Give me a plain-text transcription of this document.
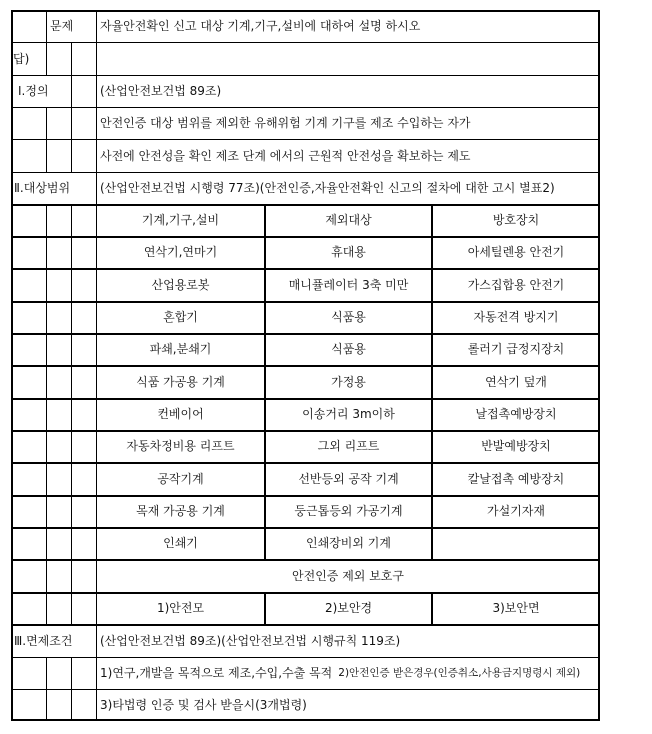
문제	자율안전확인 신고 대상 기계,기구,설비에 대하여 설명 하시오
답)
Ⅰ.정의	(산업안전보건법 89조)
안전인증 대상 범위를 제외한 유해위험 기계 기구를 제조 수입하는 자가
사전에 안전성을 확인 제조 단계 에서의 근원적 안전성을 확보하는 제도
Ⅱ.대상범위	(산업안전보건법 시행령 77조)(안전인증,자율안전확인 신고의 절차에 대한 고시 별표2)
기계,기구,설비	제외대상	방호장치
연삭기,연마기	휴대용	아세틸렌용 안전기
산업용로봇	매니퓰레이터 3축 미만	가스집합용 안전기
혼합기	식품용	자동전격 방지기
파쇄,분쇄기	식품용	롤러기 급정지장치
식품 가공용 기계	가정용	연삭기 덮개
컨베이어	이송거리 3m이하	날접촉예방장치
자동차정비용 리프트	그외 리프트	반발예방장치
공작기계	선반등외 공작 기계	칼날접촉 예방장치
목재 가공용 기계	둥근톱등외 가공기계	가설기자재
인쇄기	인쇄장비외 기계
안전인증 제외 보호구
1)안전모	2)보안경	3)보안면
Ⅲ.면제조건	(산업안전보건법 89조)(산업안전보건법 시행규칙 119조)
1)연구,개발을 목적으로 제조,수입,수출 목적 2)안전인증 받은경우(인증취소,사용금지명령시 제외)
3)타법령 인증 및 검사 받을시(3개법령)
